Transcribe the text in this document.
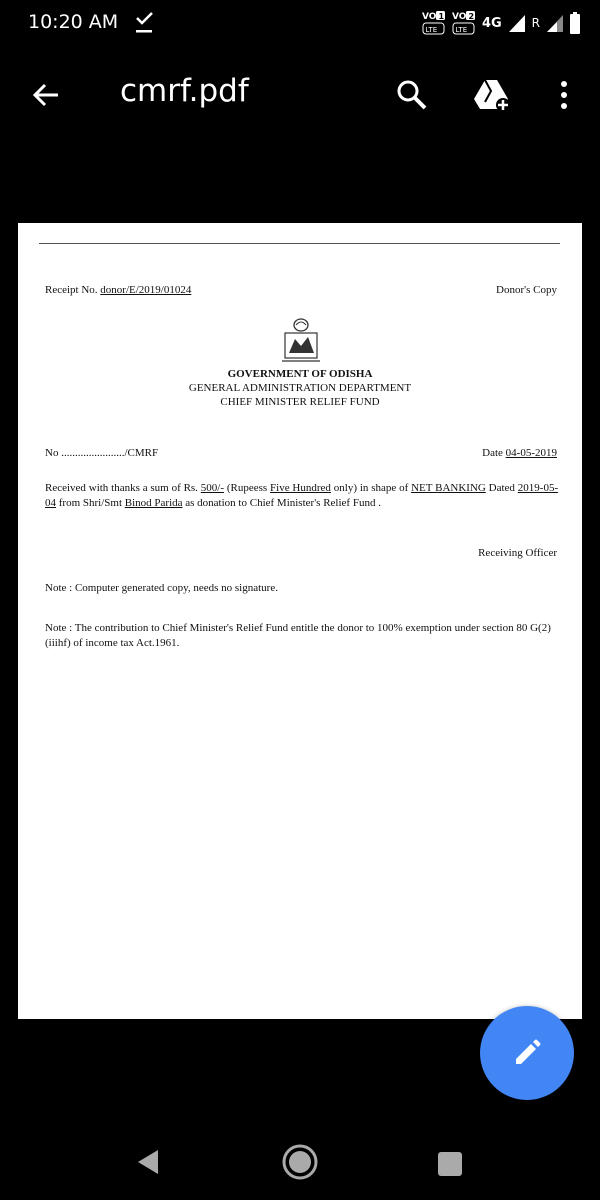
10:20 AM	VO 1
LTE
VO 2
LTE 4G	R
cmrf.pdf
Receipt No. donor/E/2019/01024	Donor's Copy
GOVERNMENT OF ODISHA
GENERAL ADMINISTRATION DEPARTMENT
CHIEF MINISTER RELIEF FUND
No ......................./CMRF	Date 04-05-2019
Received with thanks a sum of Rs. 500/- (Rupeess Five Hundred only) in shape of NET BANKING Dated 2019-05-04 from Shri/Smt Binod Parida as donation to Chief Minister's Relief Fund .
Receiving Officer
Note : Computer generated copy, needs no signature.
Note : The contribution to Chief Minister's Relief Fund entitle the donor to 100% exemption under section 80 G(2)(iiihf) of income tax Act.1961.
